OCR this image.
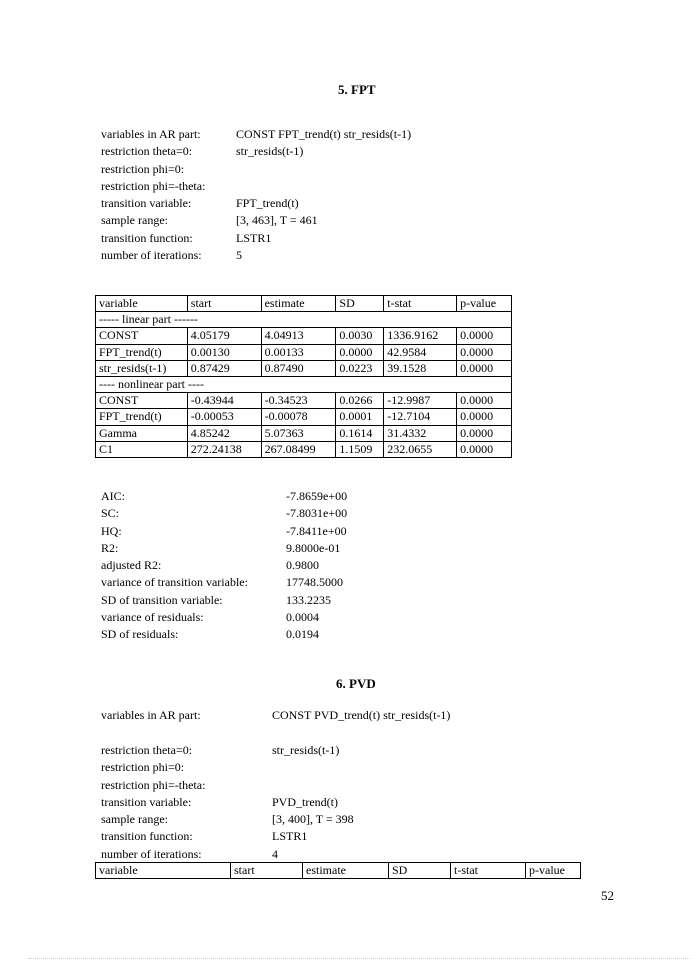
5. FPT
variables in AR part:	CONST FPT_trend(t) str_resids(t-1)
restriction theta=0:	str_resids(t-1)
restriction phi=0:
restriction phi=-theta:
transition variable:	FPT_trend(t)
sample range:	[3, 463], T = 461
transition function:	LSTR1
number of iterations:	5
variable	start	estimate	SD	t-stat	p-value
----- linear part ------					
CONST	4.05179	4.04913	0.0030	1336.9162	0.0000
FPT_trend(t)	0.00130	0.00133	0.0000	42.9584	0.0000
str_resids(t-1)	0.87429	0.87490	0.0223	39.1528	0.0000
---- nonlinear part ----					
CONST	-0.43944	-0.34523	0.0266	-12.9987	0.0000
FPT_trend(t)	-0.00053	-0.00078	0.0001	-12.7104	0.0000
Gamma	4.85242	5.07363	0.1614	31.4332	0.0000
C1	272.24138	267.08499	1.1509	232.0655	0.0000
AIC:	-7.8659e+00
SC:	-7.8031e+00
HQ:	-7.8411e+00
R2:	9.8000e-01
adjusted R2:	0.9800
variance of transition variable:	17748.5000
SD of transition variable:	133.2235
variance of residuals:	0.0004
SD of residuals:	0.0194
6. PVD
variables in AR part:	CONST PVD_trend(t) str_resids(t-1)
restriction theta=0:	str_resids(t-1)
restriction phi=0:
restriction phi=-theta:
transition variable:	PVD_trend(t)
sample range:	[3, 400], T = 398
transition function:	LSTR1
number of iterations:	4
variable	start	estimate	SD	t-stat	p-value
52
